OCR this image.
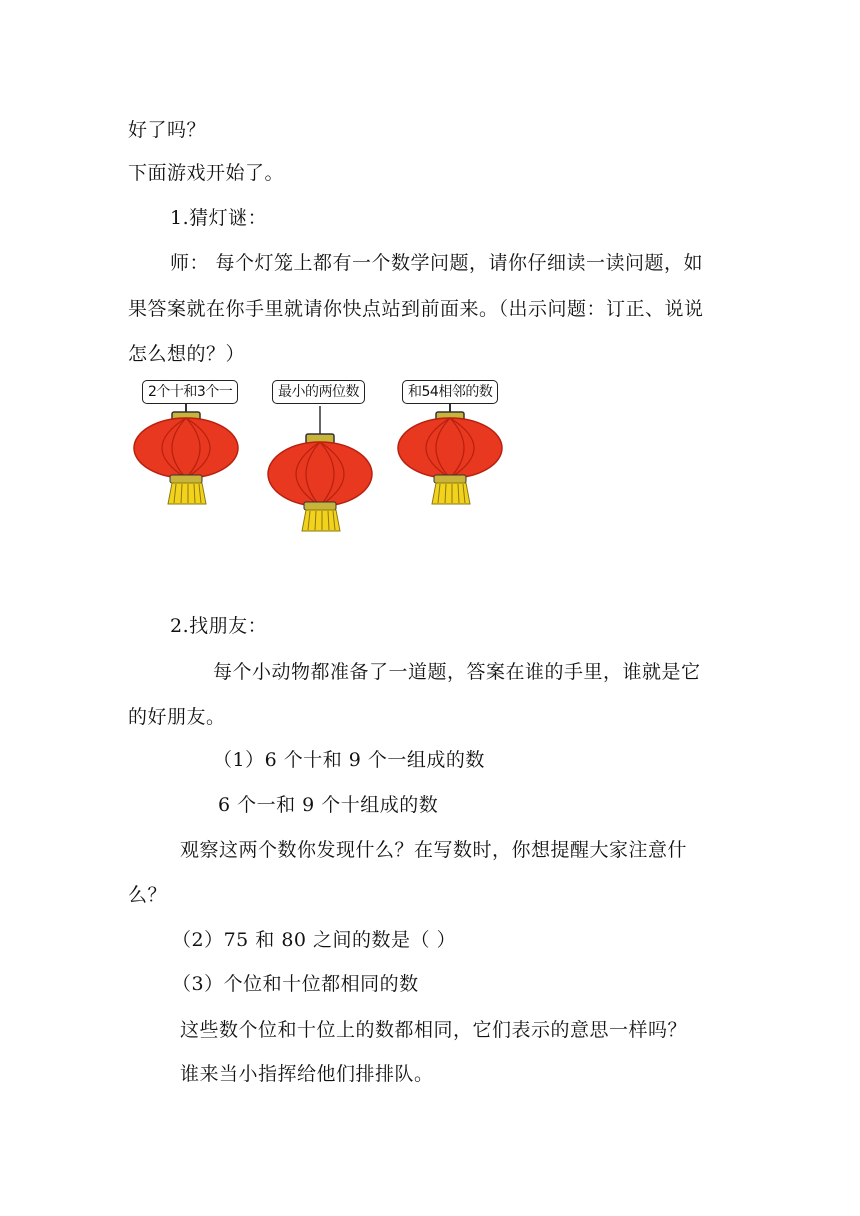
好了吗？
下面游戏开始了。
1.猜灯谜：
师： 每个灯笼上都有一个数学问题，请你仔细读一读问题，如
果答案就在你手里就请你快点站到前面来。（出示问题：订正、说说
怎么想的？）
2个十和3个一	最小的两位数	和54相邻的数
2.找朋友：
每个小动物都准备了一道题，答案在谁的手里，谁就是它
的好朋友。
（1）6 个十和 9 个一组成的数
6 个一和 9 个十组成的数
观察这两个数你发现什么？在写数时，你想提醒大家注意什
么？
（2）75 和 80 之间的数是（ ）
（3）个位和十位都相同的数
这些数个位和十位上的数都相同，它们表示的意思一样吗？
谁来当小指挥给他们排排队。
